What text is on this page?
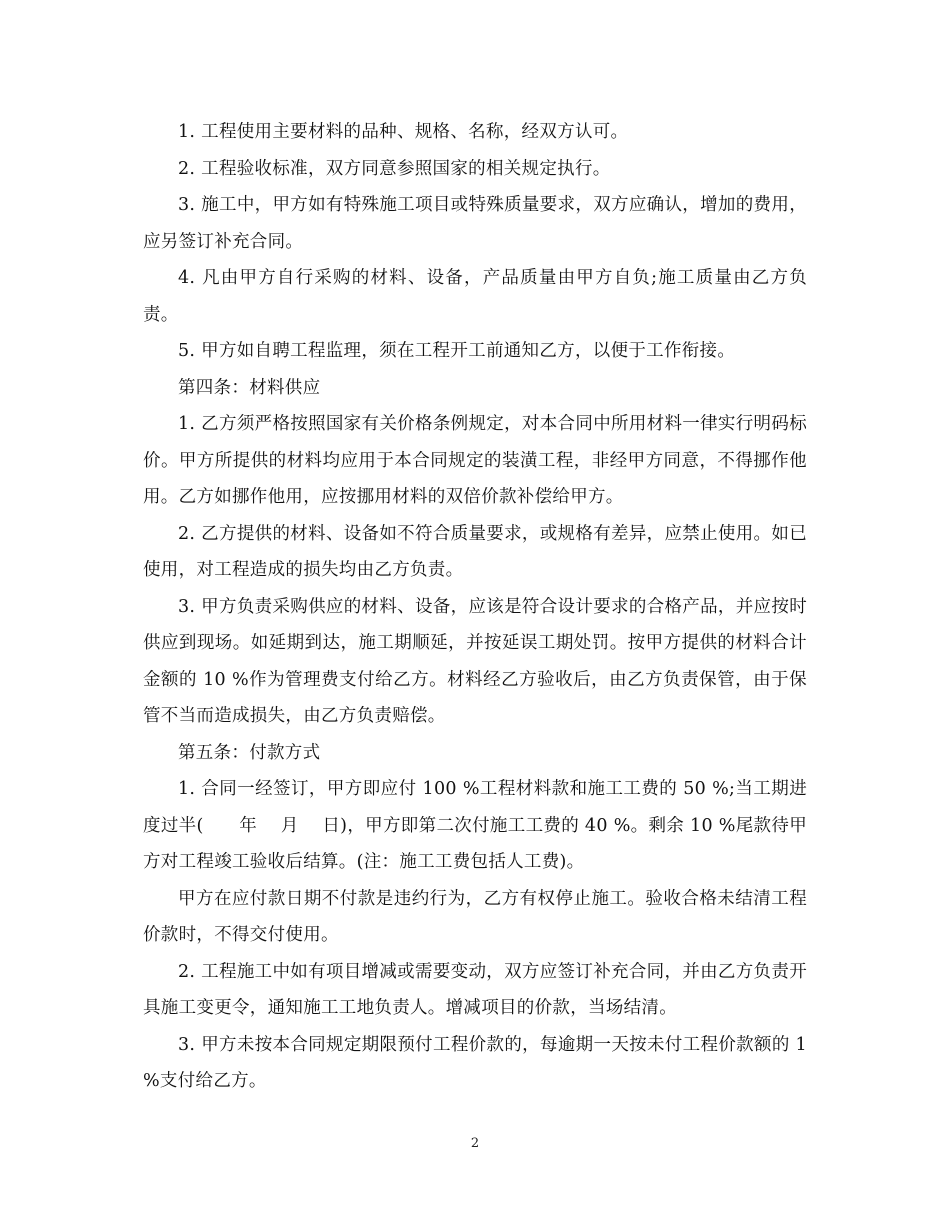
1. 工程使用主要材料的品种、规格、名称，经双方认可。

2. 工程验收标准，双方同意参照国家的相关规定执行。

3. 施工中，甲方如有特殊施工项目或特殊质量要求，双方应确认，增加的费用，应另签订补充合同。

4. 凡由甲方自行采购的材料、设备，产品质量由甲方自负;施工质量由乙方负责。

5. 甲方如自聘工程监理，须在工程开工前通知乙方，以便于工作衔接。

第四条：材料供应

1. 乙方须严格按照国家有关价格条例规定，对本合同中所用材料一律实行明码标价。甲方所提供的材料均应用于本合同规定的装潢工程，非经甲方同意，不得挪作他用。乙方如挪作他用，应按挪用材料的双倍价款补偿给甲方。

2. 乙方提供的材料、设备如不符合质量要求，或规格有差异，应禁止使用。如已使用，对工程造成的损失均由乙方负责。

3. 甲方负责采购供应的材料、设备，应该是符合设计要求的合格产品，并应按时供应到现场。如延期到达，施工期顺延，并按延误工期处罚。按甲方提供的材料合计金额的 10 %作为管理费支付给乙方。材料经乙方验收后，由乙方负责保管，由于保管不当而造成损失，由乙方负责赔偿。

第五条：付款方式

1. 合同一经签订，甲方即应付 100 %工程材料款和施工工费的 50 %;当工期进度过半(　　年　 月　 日)，甲方即第二次付施工工费的 40 %。剩余 10 %尾款待甲方对工程竣工验收后结算。(注：施工工费包括人工费)。

甲方在应付款日期不付款是违约行为，乙方有权停止施工。验收合格未结清工程价款时，不得交付使用。

2. 工程施工中如有项目增减或需要变动，双方应签订补充合同，并由乙方负责开具施工变更令，通知施工工地负责人。增减项目的价款，当场结清。

3. 甲方未按本合同规定期限预付工程价款的，每逾期一天按未付工程价款额的 1 %支付给乙方。

2
